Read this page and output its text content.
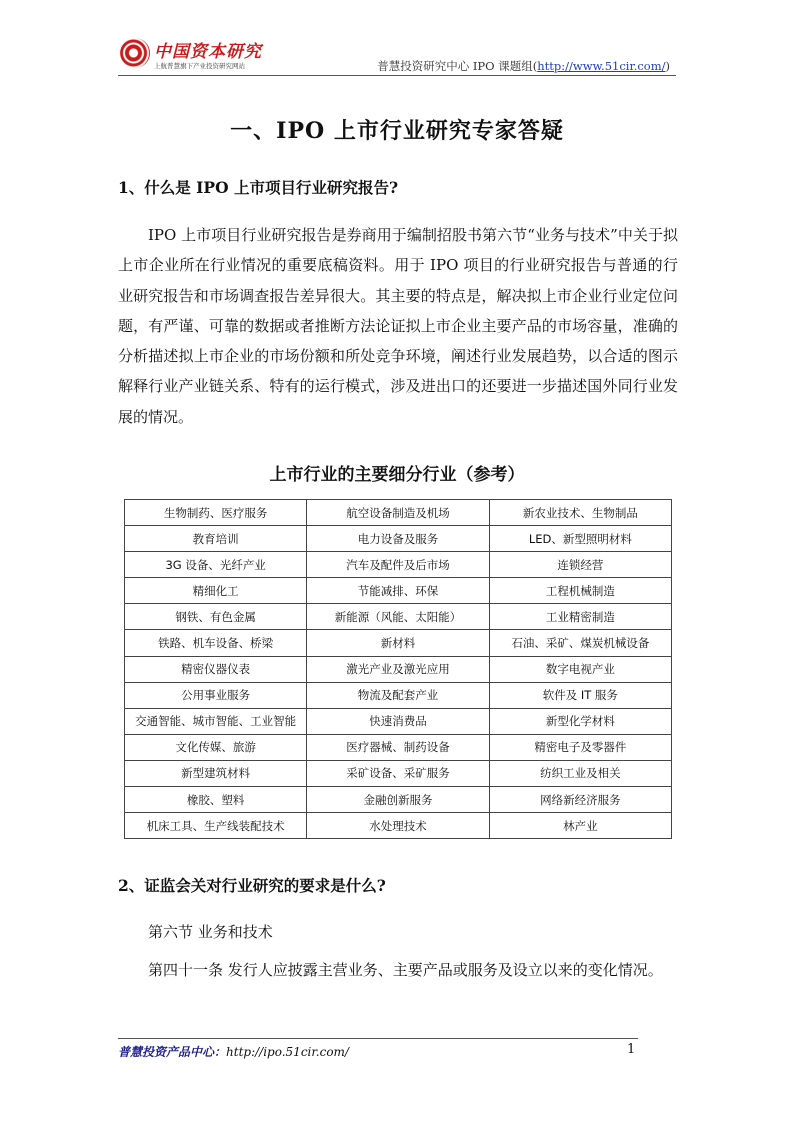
中国资本研究
上航普慧旗下产业投资研究网站	普慧投资研究中心 IPO 课题组(http://www.51cir.com/)
一、IPO 上市行业研究专家答疑
1、什么是 IPO 上市项目行业研究报告?

IPO 上市项目行业研究报告是券商用于编制招股书第六节“业务与技术”中关于拟上市企业所在行业情况的重要底稿资料。用于 IPO 项目的行业研究报告与普通的行业研究报告和市场调查报告差异很大。其主要的特点是，解决拟上市企业行业定位问题，有严谨、可靠的数据或者推断方法论证拟上市企业主要产品的市场容量，准确的分析描述拟上市企业的市场份额和所处竞争环境，阐述行业发展趋势，以合适的图示解释行业产业链关系、特有的运行模式，涉及进出口的还要进一步描述国外同行业发展的情况。

上市行业的主要细分行业（参考）
生物制药、医疗服务	航空设备制造及机场	新农业技术、生物制品
教育培训	电力设备及服务	LED、新型照明材料
3G 设备、光纤产业	汽车及配件及后市场	连锁经营
精细化工	节能减排、环保	工程机械制造
钢铁、有色金属	新能源（风能、太阳能）	工业精密制造
铁路、机车设备、桥梁	新材料	石油、采矿、煤炭机械设备
精密仪器仪表	激光产业及激光应用	数字电视产业
公用事业服务	物流及配套产业	软件及 IT 服务
交通智能、城市智能、工业智能	快速消费品	新型化学材料
文化传媒、旅游	医疗器械、制药设备	精密电子及零器件
新型建筑材料	采矿设备、采矿服务	纺织工业及相关
橡胶、塑料	金融创新服务	网络新经济服务
机床工具、生产线装配技术	水处理技术	林产业
2、证监会关对行业研究的要求是什么?
第六节 业务和技术

第四十一条 发行人应披露主营业务、主要产品或服务及设立以来的变化情况。

普慧投资产品中心：http://ipo.51cir.com/	1
